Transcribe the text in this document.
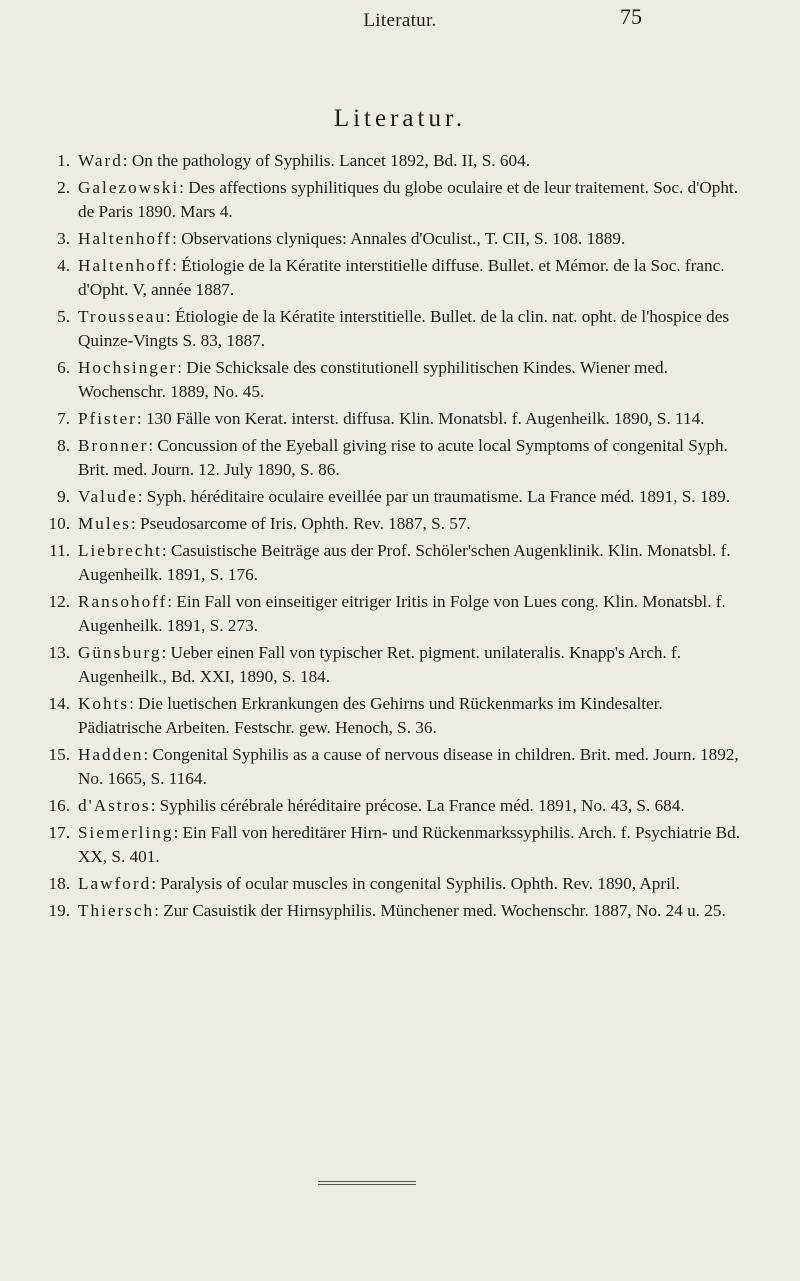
Literatur.	75
Literatur.
1. Ward: On the pathology of Syphilis. Lancet 1892, Bd. II, S. 604.
2. Galezowski: Des affections syphilitiques du globe oculaire et de leur traitement. Soc. d'Opht. de Paris 1890. Mars 4.
3. Haltenhoff: Observations clyniques: Annales d'Oculist., T. CII, S. 108. 1889.
4. Haltenhoff: Étiologie de la Kératite interstitielle diffuse. Bullet. et Mémor. de la Soc. franc. d'Opht. V, année 1887.
5. Trousseau: Étiologie de la Kératite interstitielle. Bullet. de la clin. nat. opht. de l'hospice des Quinze-Vingts S. 83, 1887.
6. Hochsinger: Die Schicksale des constitutionell syphilitischen Kindes. Wiener med. Wochenschr. 1889, No. 45.
7. Pfister: 130 Fälle von Kerat. interst. diffusa. Klin. Monatsbl. f. Augenheilk. 1890, S. 114.
8. Bronner: Concussion of the Eyeball giving rise to acute local Symptoms of congenital Syph. Brit. med. Journ. 12. July 1890, S. 86.
9. Valude: Syph. héréditaire oculaire eveillée par un traumatisme. La France méd. 1891, S. 189.
10. Mules: Pseudosarcome of Iris. Ophth. Rev. 1887, S. 57.
11. Liebrecht: Casuistische Beiträge aus der Prof. Schöler'schen Augenklinik. Klin. Monatsbl. f. Augenheilk. 1891, S. 176.
12. Ransohoff: Ein Fall von einseitiger eitriger Iritis in Folge von Lues cong. Klin. Monatsbl. f. Augenheilk. 1891, S. 273.
13. Günsburg: Ueber einen Fall von typischer Ret. pigment. unilateralis. Knapp's Arch. f. Augenheilk., Bd. XXI, 1890, S. 184.
14. Kohts: Die luetischen Erkrankungen des Gehirns und Rückenmarks im Kindesalter. Pädiatrische Arbeiten. Festschr. gew. Henoch, S. 36.
15. Hadden: Congenital Syphilis as a cause of nervous disease in children. Brit. med. Journ. 1892, No. 1665, S. 1164.
16. d'Astros: Syphilis cérébrale héréditaire précose. La France méd. 1891, No. 43, S. 684.
17. Siemerling: Ein Fall von hereditärer Hirn- und Rückenmarkssyphilis. Arch. f. Psychiatrie Bd. XX, S. 401.
18. Lawford: Paralysis of ocular muscles in congenital Syphilis. Ophth. Rev. 1890, April.
19. Thiersch: Zur Casuistik der Hirnsyphilis. Münchener med. Wochenschr. 1887, No. 24 u. 25.
